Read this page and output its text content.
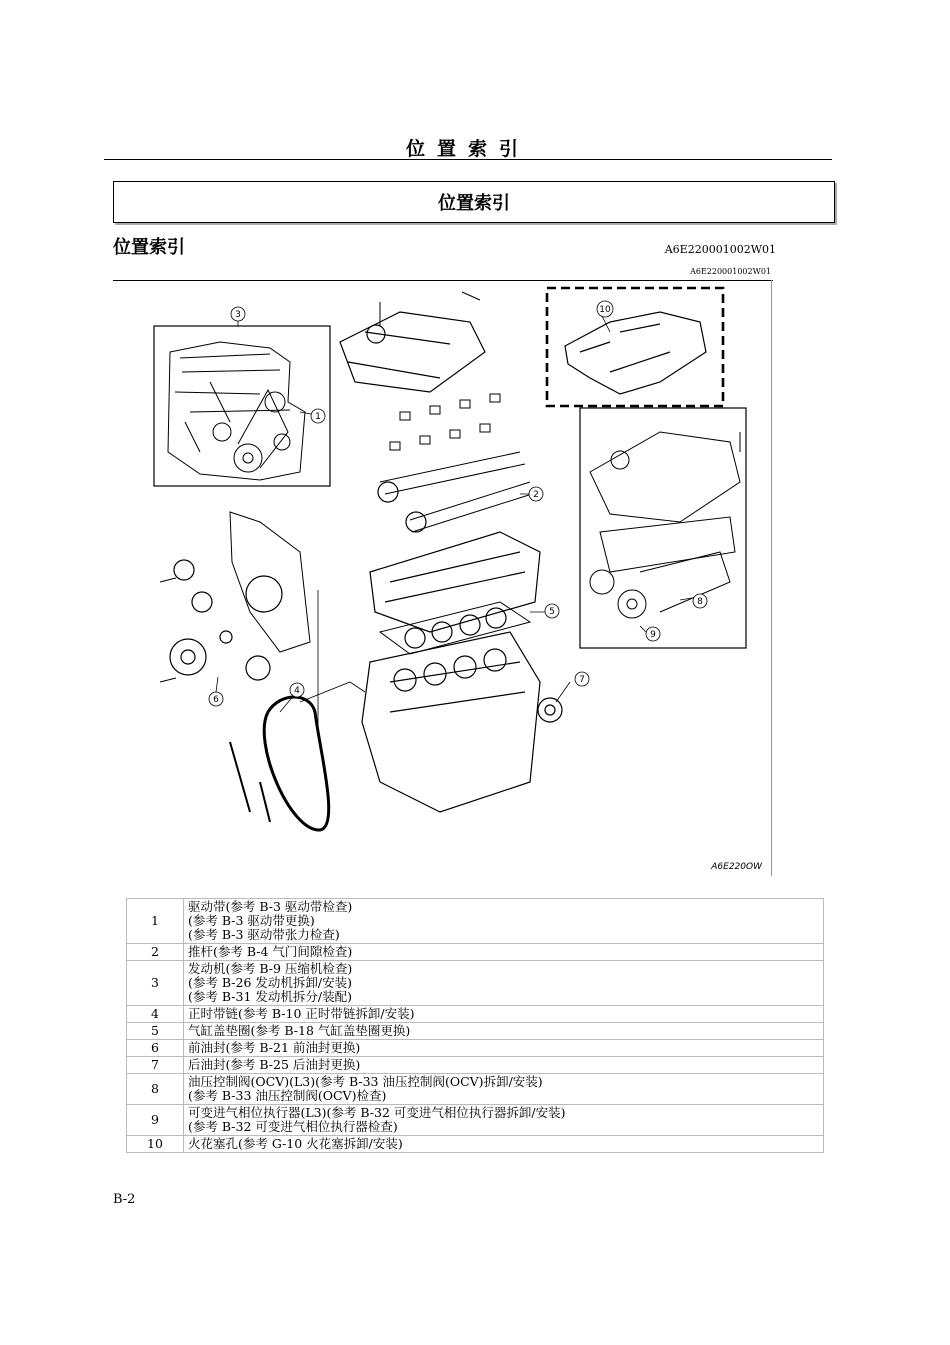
位置索引
位置索引
位置索引	A6E220001002W01
A6E220001002W01
1
2
3
4
5
6
7
8
9
10
A6E220OW
1	驱动带(参考 B-3 驱动带检查)
(参考 B-3 驱动带更换)
(参考 B-3 驱动带张力检查)

2	推杆(参考 B-4 气门间隙检查)

3	发动机(参考 B-9 压缩机检查)
(参考 B-26 发动机拆卸/安装)
(参考 B-31 发动机拆分/装配)

4	正时带链(参考 B-10 正时带链拆卸/安装)

5	气缸盖垫圈(参考 B-18 气缸盖垫圈更换)

6	前油封(参考 B-21 前油封更换)

7	后油封(参考 B-25 后油封更换)

8	油压控制阀(OCV)(L3)(参考 B-33 油压控制阀(OCV)拆卸/安装)
(参考 B-33 油压控制阀(OCV)检查)

9	可变进气相位执行器(L3)(参考 B-32 可变进气相位执行器拆卸/安装)
(参考 B-32 可变进气相位执行器检查)

10	火花塞孔(参考 G-10 火花塞拆卸/安装)
B-2
